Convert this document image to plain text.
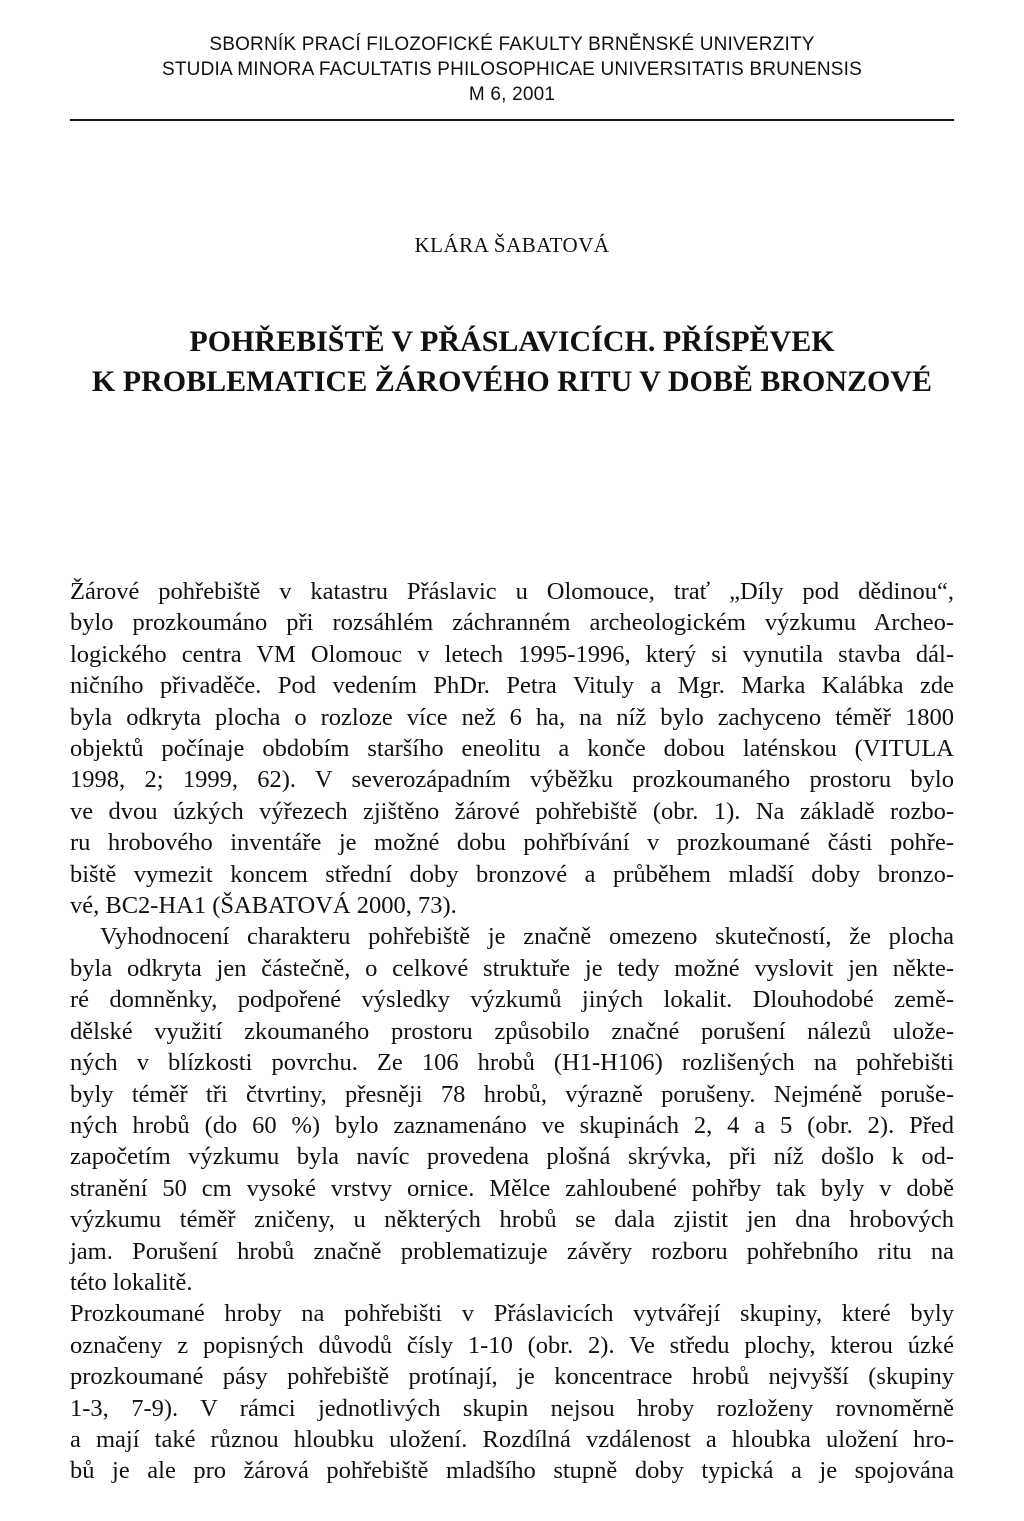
SBORNÍK PRACÍ FILOZOFICKÉ FAKULTY BRNĚNSKÉ UNIVERZITY
STUDIA MINORA FACULTATIS PHILOSOPHICAE UNIVERSITATIS BRUNENSIS
M 6, 2001
KLÁRA ŠABATOVÁ
POHŘEBIŠTĚ V PŘÁSLAVICÍCH. PŘÍSPĚVEK
K PROBLEMATICE ŽÁROVÉHO RITU V DOBĚ BRONZOVÉ
Žárové pohřebiště v katastru Přáslavic u Olomouce, trať „Díly pod dědinou“,
bylo prozkoumáno při rozsáhlém záchranném archeologickém výzkumu Archeo-
logického centra VM Olomouc v letech 1995-1996, který si vynutila stavba dál-
ničního přivaděče. Pod vedením PhDr. Petra Vituly a Mgr. Marka Kalábka zde
byla odkryta plocha o rozloze více než 6 ha, na níž bylo zachyceno téměř 1800
objektů počínaje obdobím staršího eneolitu a konče dobou laténskou (VITULA
1998, 2; 1999, 62). V severozápadním výběžku prozkoumaného prostoru bylo
ve dvou úzkých výřezech zjištěno žárové pohřebiště (obr. 1). Na základě rozbo-
ru hrobového inventáře je možné dobu pohřbívání v prozkoumané části pohře-
biště vymezit koncem střední doby bronzové a průběhem mladší doby bronzo-
vé, BC2-HA1 (ŠABATOVÁ 2000, 73).
Vyhodnocení charakteru pohřebiště je značně omezeno skutečností, že plocha
byla odkryta jen částečně, o celkové struktuře je tedy možné vyslovit jen někte-
ré domněnky, podpořené výsledky výzkumů jiných lokalit. Dlouhodobé země-
dělské využití zkoumaného prostoru způsobilo značné porušení nálezů ulože-
ných v blízkosti povrchu. Ze 106 hrobů (H1-H106) rozlišených na pohřebišti
byly téměř tři čtvrtiny, přesněji 78 hrobů, výrazně porušeny. Nejméně poruše-
ných hrobů (do 60 %) bylo zaznamenáno ve skupinách 2, 4 a 5 (obr. 2). Před
započetím výzkumu byla navíc provedena plošná skrývka, při níž došlo k od-
stranění 50 cm vysoké vrstvy ornice. Mělce zahloubené pohřby tak byly v době
výzkumu téměř zničeny, u některých hrobů se dala zjistit jen dna hrobových
jam. Porušení hrobů značně problematizuje závěry rozboru pohřebního ritu na
této lokalitě.
Prozkoumané hroby na pohřebišti v Přáslavicích vytvářejí skupiny, které byly
označeny z popisných důvodů čísly 1-10 (obr. 2). Ve středu plochy, kterou úzké
prozkoumané pásy pohřebiště protínají, je koncentrace hrobů nejvyšší (skupiny
1-3, 7-9). V rámci jednotlivých skupin nejsou hroby rozloženy rovnoměrně
a mají také různou hloubku uložení. Rozdílná vzdálenost a hloubka uložení hro-
bů je ale pro žárová pohřebiště mladšího stupně doby typická a je spojována
